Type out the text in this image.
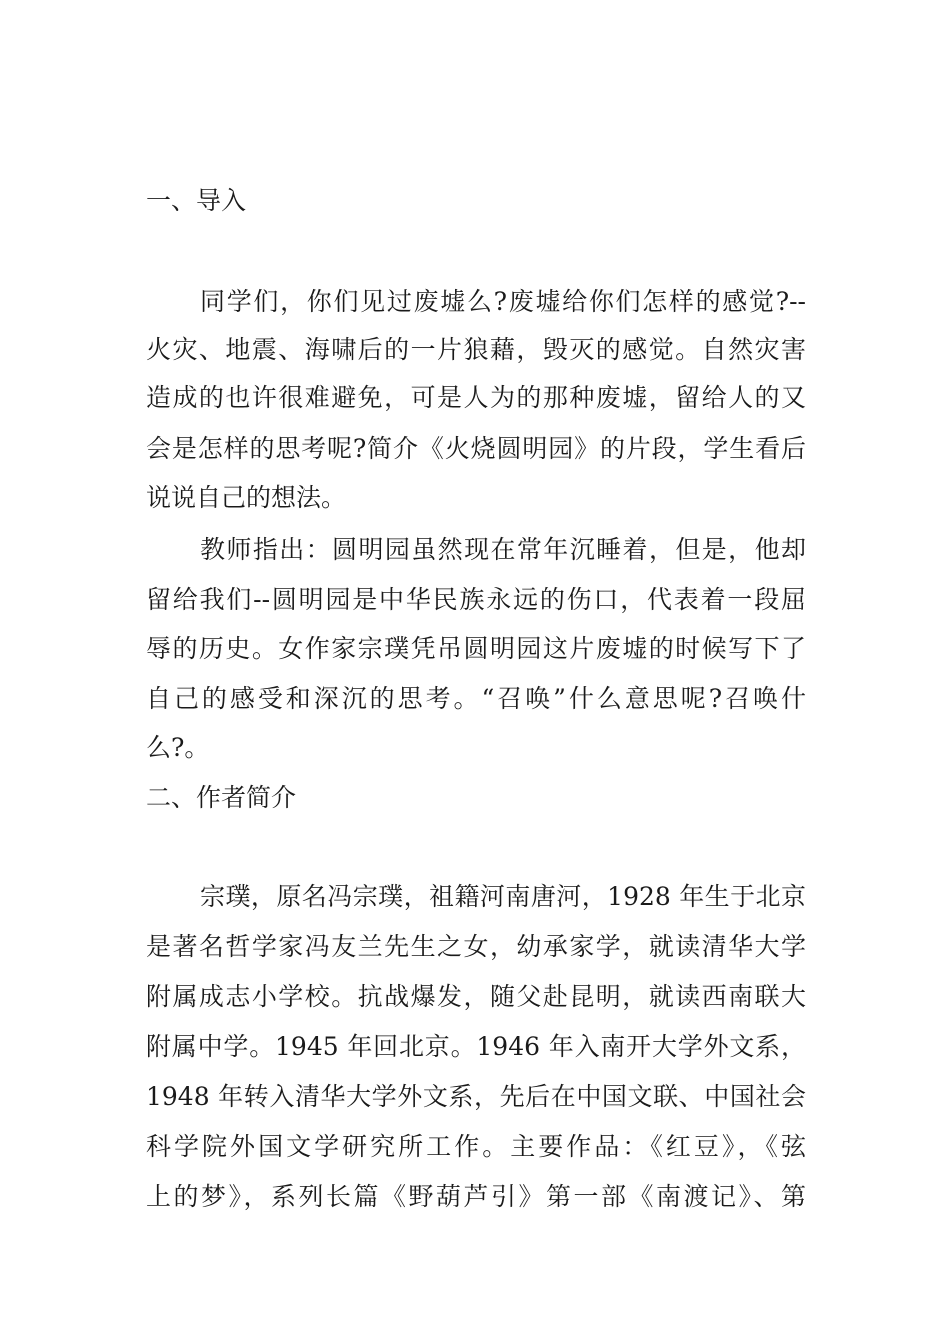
一、导入
同学们，你们见过废墟么?废墟给你们怎样的感觉?--
火灾、地震、海啸后的一片狼藉，毁灭的感觉。自然灾害
造成的也许很难避免，可是人为的那种废墟，留给人的又
会是怎样的思考呢?简介《火烧圆明园》的片段，学生看后
说说自己的想法。
教师指出：圆明园虽然现在常年沉睡着，但是，他却
留给我们--圆明园是中华民族永远的伤口，代表着一段屈
辱的历史。女作家宗璞凭吊圆明园这片废墟的时候写下了
自己的感受和深沉的思考。“召唤”什么意思呢?召唤什
么?。
二、作者简介
宗璞，原名冯宗璞，祖籍河南唐河，1928 年生于北京
是著名哲学家冯友兰先生之女，幼承家学，就读清华大学
附属成志小学校。抗战爆发，随父赴昆明，就读西南联大
附属中学。1945 年回北京。1946 年入南开大学外文系，
1948 年转入清华大学外文系，先后在中国文联、中国社会
科学院外国文学研究所工作。主要作品：《红豆》，《弦
上的梦》，系列长篇《野葫芦引》第一部《南渡记》、第
